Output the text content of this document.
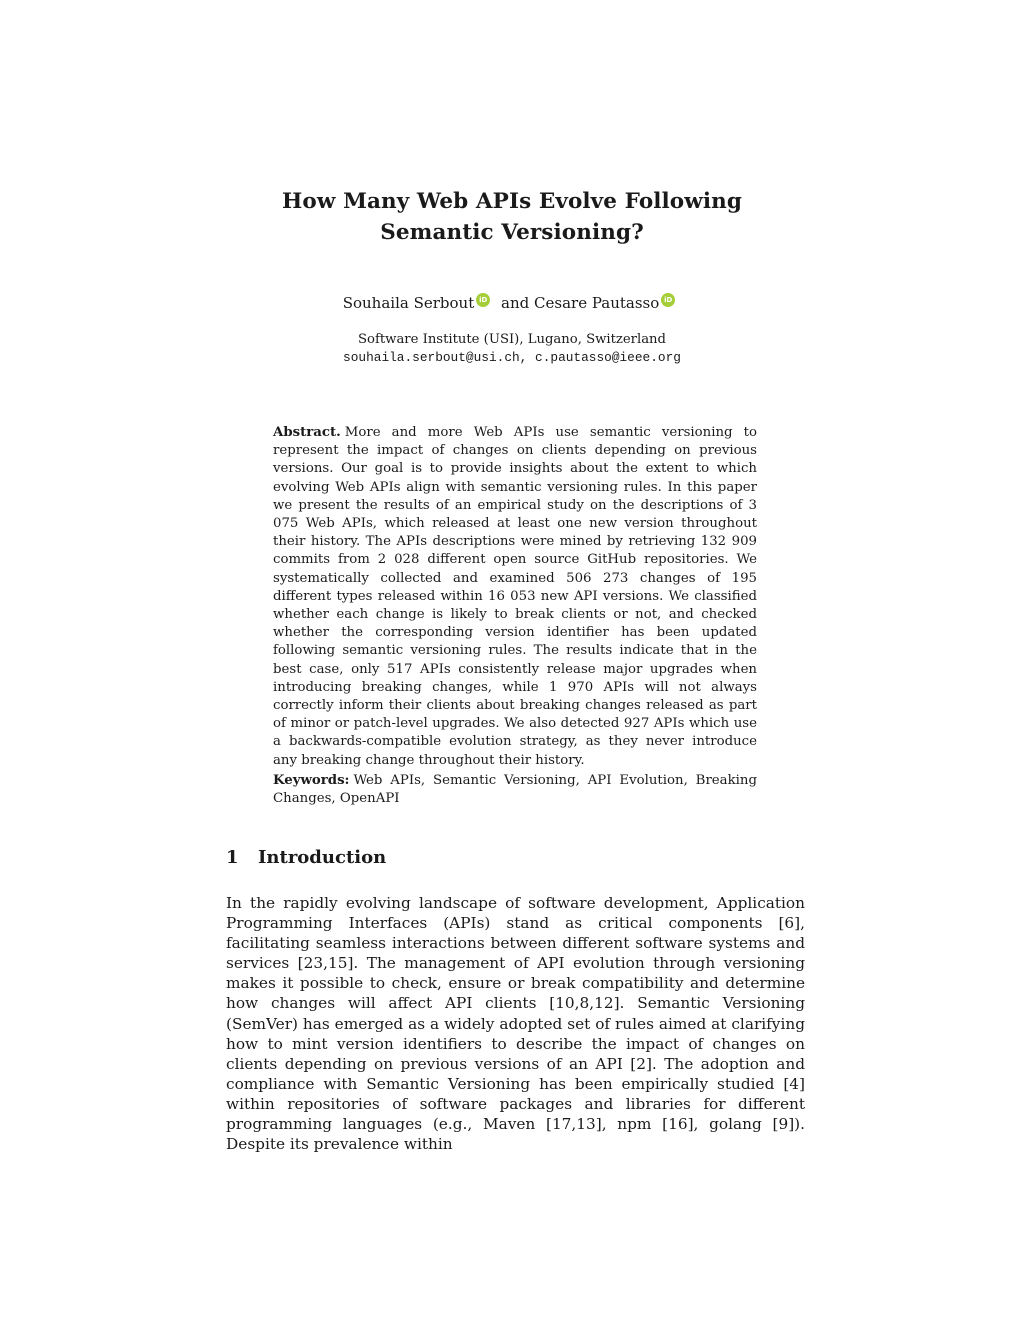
How Many Web APIs Evolve Following
Semantic Versioning?
Souhaila Serbout iD and Cesare Pautasso iD
Software Institute (USI), Lugano, Switzerland
souhaila.serbout@usi.ch, c.pautasso@ieee.org
Abstract. More and more Web APIs use semantic versioning to represent the impact of changes on clients depending on previous versions. Our goal is to provide insights about the extent to which evolving Web APIs align with semantic versioning rules. In this paper we present the results of an empirical study on the descriptions of 3 075 Web APIs, which released at least one new version throughout their history. The APIs descriptions were mined by retrieving 132 909 commits from 2 028 different open source GitHub repositories. We systematically collected and examined 506 273 changes of 195 different types released within 16 053 new API versions. We classified whether each change is likely to break clients or not, and checked whether the corresponding version identifier has been updated following semantic versioning rules. The results indicate that in the best case, only 517 APIs consistently release major upgrades when introducing breaking changes, while 1 970 APIs will not always correctly inform their clients about breaking changes released as part of minor or patch-level upgrades. We also detected 927 APIs which use a backwards-compatible evolution strategy, as they never introduce any breaking change throughout their history.
Keywords: Web APIs, Semantic Versioning, API Evolution, Breaking Changes, OpenAPI
1 Introduction
In the rapidly evolving landscape of software development, Application Programming Interfaces (APIs) stand as critical components [6], facilitating seamless interactions between different software systems and services [23,15]. The management of API evolution through versioning makes it possible to check, ensure or break compatibility and determine how changes will affect API clients [10,8,12]. Semantic Versioning (SemVer) has emerged as a widely adopted set of rules aimed at clarifying how to mint version identifiers to describe the impact of changes on clients depending on previous versions of an API [2]. The adoption and compliance with Semantic Versioning has been empirically studied [4] within repositories of software packages and libraries for different programming languages (e.g., Maven [17,13], npm [16], golang [9]). Despite its prevalence within
